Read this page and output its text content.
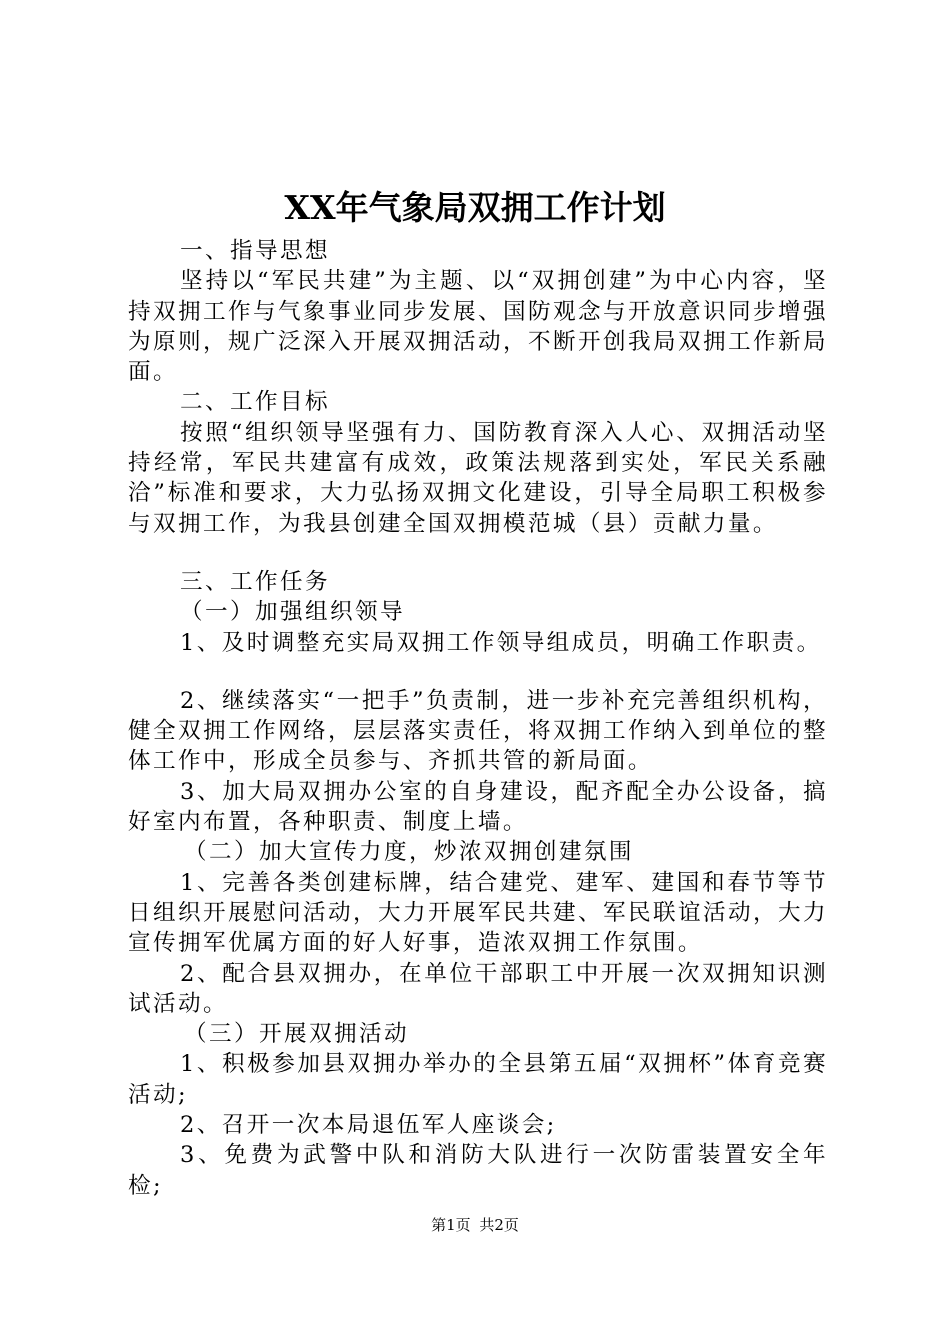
XX年气象局双拥工作计划

一、指导思想

坚持以“军民共建”为主题、以“双拥创建”为中心内容，坚持双拥工作与气象事业同步发展、国防观念与开放意识同步增强为原则，规广泛深入开展双拥活动，不断开创我局双拥工作新局面。

二、工作目标

按照“组织领导坚强有力、国防教育深入人心、双拥活动坚持经常，军民共建富有成效，政策法规落到实处，军民关系融洽”标准和要求，大力弘扬双拥文化建设，引导全局职工积极参与双拥工作，为我县创建全国双拥模范城（县）贡献力量。

三、工作任务

（一）加强组织领导

1、及时调整充实局双拥工作领导组成员，明确工作职责。

2、继续落实“一把手”负责制，进一步补充完善组织机构，健全双拥工作网络，层层落实责任，将双拥工作纳入到单位的整体工作中，形成全员参与、齐抓共管的新局面。

3、加大局双拥办公室的自身建设，配齐配全办公设备，搞好室内布置，各种职责、制度上墙。

（二）加大宣传力度，炒浓双拥创建氛围

1、完善各类创建标牌，结合建党、建军、建国和春节等节日组织开展慰问活动，大力开展军民共建、军民联谊活动，大力宣传拥军优属方面的好人好事，造浓双拥工作氛围。

2、配合县双拥办，在单位干部职工中开展一次双拥知识测试活动。

（三）开展双拥活动

1、积极参加县双拥办举办的全县第五届“双拥杯”体育竞赛活动;

2、召开一次本局退伍军人座谈会;

3、免费为武警中队和消防大队进行一次防雷装置安全年检;

第1页 共2页
